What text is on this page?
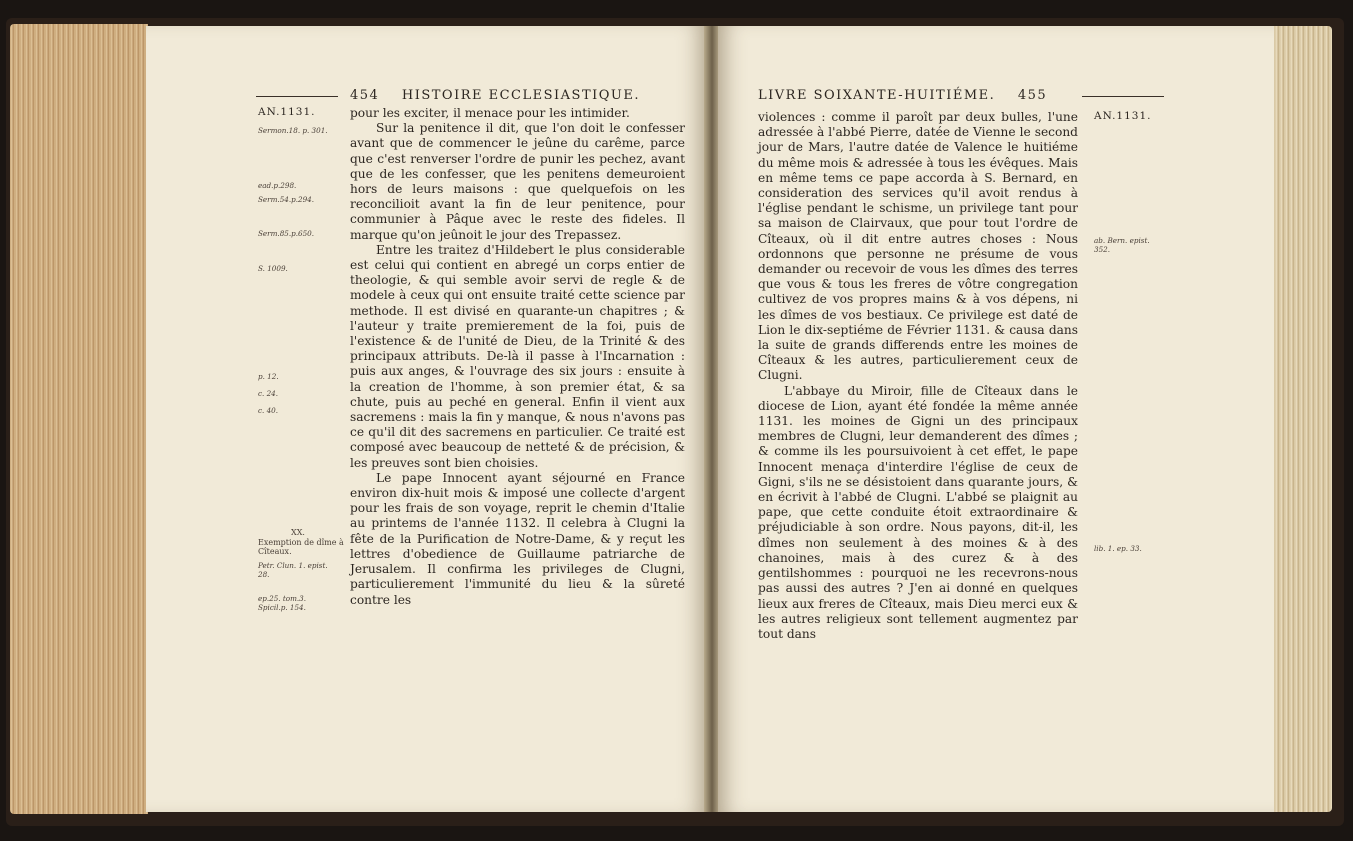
454 HISTOIRE ECCLESIASTIQUE.
AN.1131.
Sermon.18. p. 301.
ead.p.298.
Serm.54.p.294.
Serm.85.p.650.
S. 1009.
p. 12.
c. 24.
c. 40.
XX.
Exemption de dîme à Cîteaux.
Petr. Clun. 1. epist. 28.
ep.25. tom.3. Spicil.p. 154.

pour les exciter, il menace pour les intimider.

Sur la penitence il dit, que l'on doit le confesser avant que de commencer le jeûne du carême, parce que c'est renverser l'ordre de punir les pechez, avant que de les confesser, que les penitens demeuroient hors de leurs maisons : que quelquefois on les reconcilioit avant la fin de leur penitence, pour communier à Pâque avec le reste des fideles. Il marque qu'on jeûnoit le jour des Trepassez.

Entre les traitez d'Hildebert le plus considerable est celui qui contient en abregé un corps entier de theologie, & qui semble avoir servi de regle & de modele à ceux qui ont ensuite traité cette science par methode. Il est divisé en quarante-un chapitres ; & l'auteur y traite premierement de la foi, puis de l'existence & de l'unité de Dieu, de la Trinité & des principaux attributs. De-là il passe à l'Incarnation : puis aux anges, & l'ouvrage des six jours : ensuite à la creation de l'homme, à son premier état, & sa chute, puis au peché en general. Enfin il vient aux sacremens : mais la fin y manque, & nous n'avons pas ce qu'il dit des sacremens en particulier. Ce traité est composé avec beaucoup de netteté & de précision, & les preuves sont bien choisies.

Le pape Innocent ayant séjourné en France environ dix-huit mois & imposé une collecte d'argent pour les frais de son voyage, reprit le chemin d'Italie au printems de l'année 1132. Il celebra à Clugni la fête de la Purification de Notre-Dame, & y reçut les lettres d'obedience de Guillaume patriarche de Jerusalem. Il confirma les privileges de Clugni, particulierement l'immunité du lieu & la sûreté contre les

LIVRE SOIXANTE-HUITIÉME. 455
AN.1131.
ab. Bern. epist. 352.
lib. 1. ep. 33.

violences : comme il paroît par deux bulles, l'une adressée à l'abbé Pierre, datée de Vienne le second jour de Mars, l'autre datée de Valence le huitiéme du même mois & adressée à tous les évêques. Mais en même tems ce pape accorda à S. Bernard, en consideration des services qu'il avoit rendus à l'église pendant le schisme, un privilege tant pour sa maison de Clairvaux, que pour tout l'ordre de Cîteaux, où il dit entre autres choses : Nous ordonnons que personne ne présume de vous demander ou recevoir de vous les dîmes des terres que vous & tous les freres de vôtre congregation cultivez de vos propres mains & à vos dépens, ni les dîmes de vos bestiaux. Ce privilege est daté de Lion le dix-septiéme de Février 1131. & causa dans la suite de grands differends entre les moines de Cîteaux & les autres, particulierement ceux de Clugni.

L'abbaye du Miroir, fille de Cîteaux dans le diocese de Lion, ayant été fondée la même année 1131. les moines de Gigni un des principaux membres de Clugni, leur demanderent des dîmes ; & comme ils les poursuivoient à cet effet, le pape Innocent menaça d'interdire l'église de ceux de Gigni, s'ils ne se désistoient dans quarante jours, & en écrivit à l'abbé de Clugni. L'abbé se plaignit au pape, que cette conduite étoit extraordinaire & préjudiciable à son ordre. Nous payons, dit-il, les dîmes non seulement à des moines & à des chanoines, mais à des curez & à des gentilshommes : pourquoi ne les recevrons-nous pas aussi des autres ? J'en ai donné en quelques lieux aux freres de Cîteaux, mais Dieu merci eux & les autres religieux sont tellement augmentez par tout dans
